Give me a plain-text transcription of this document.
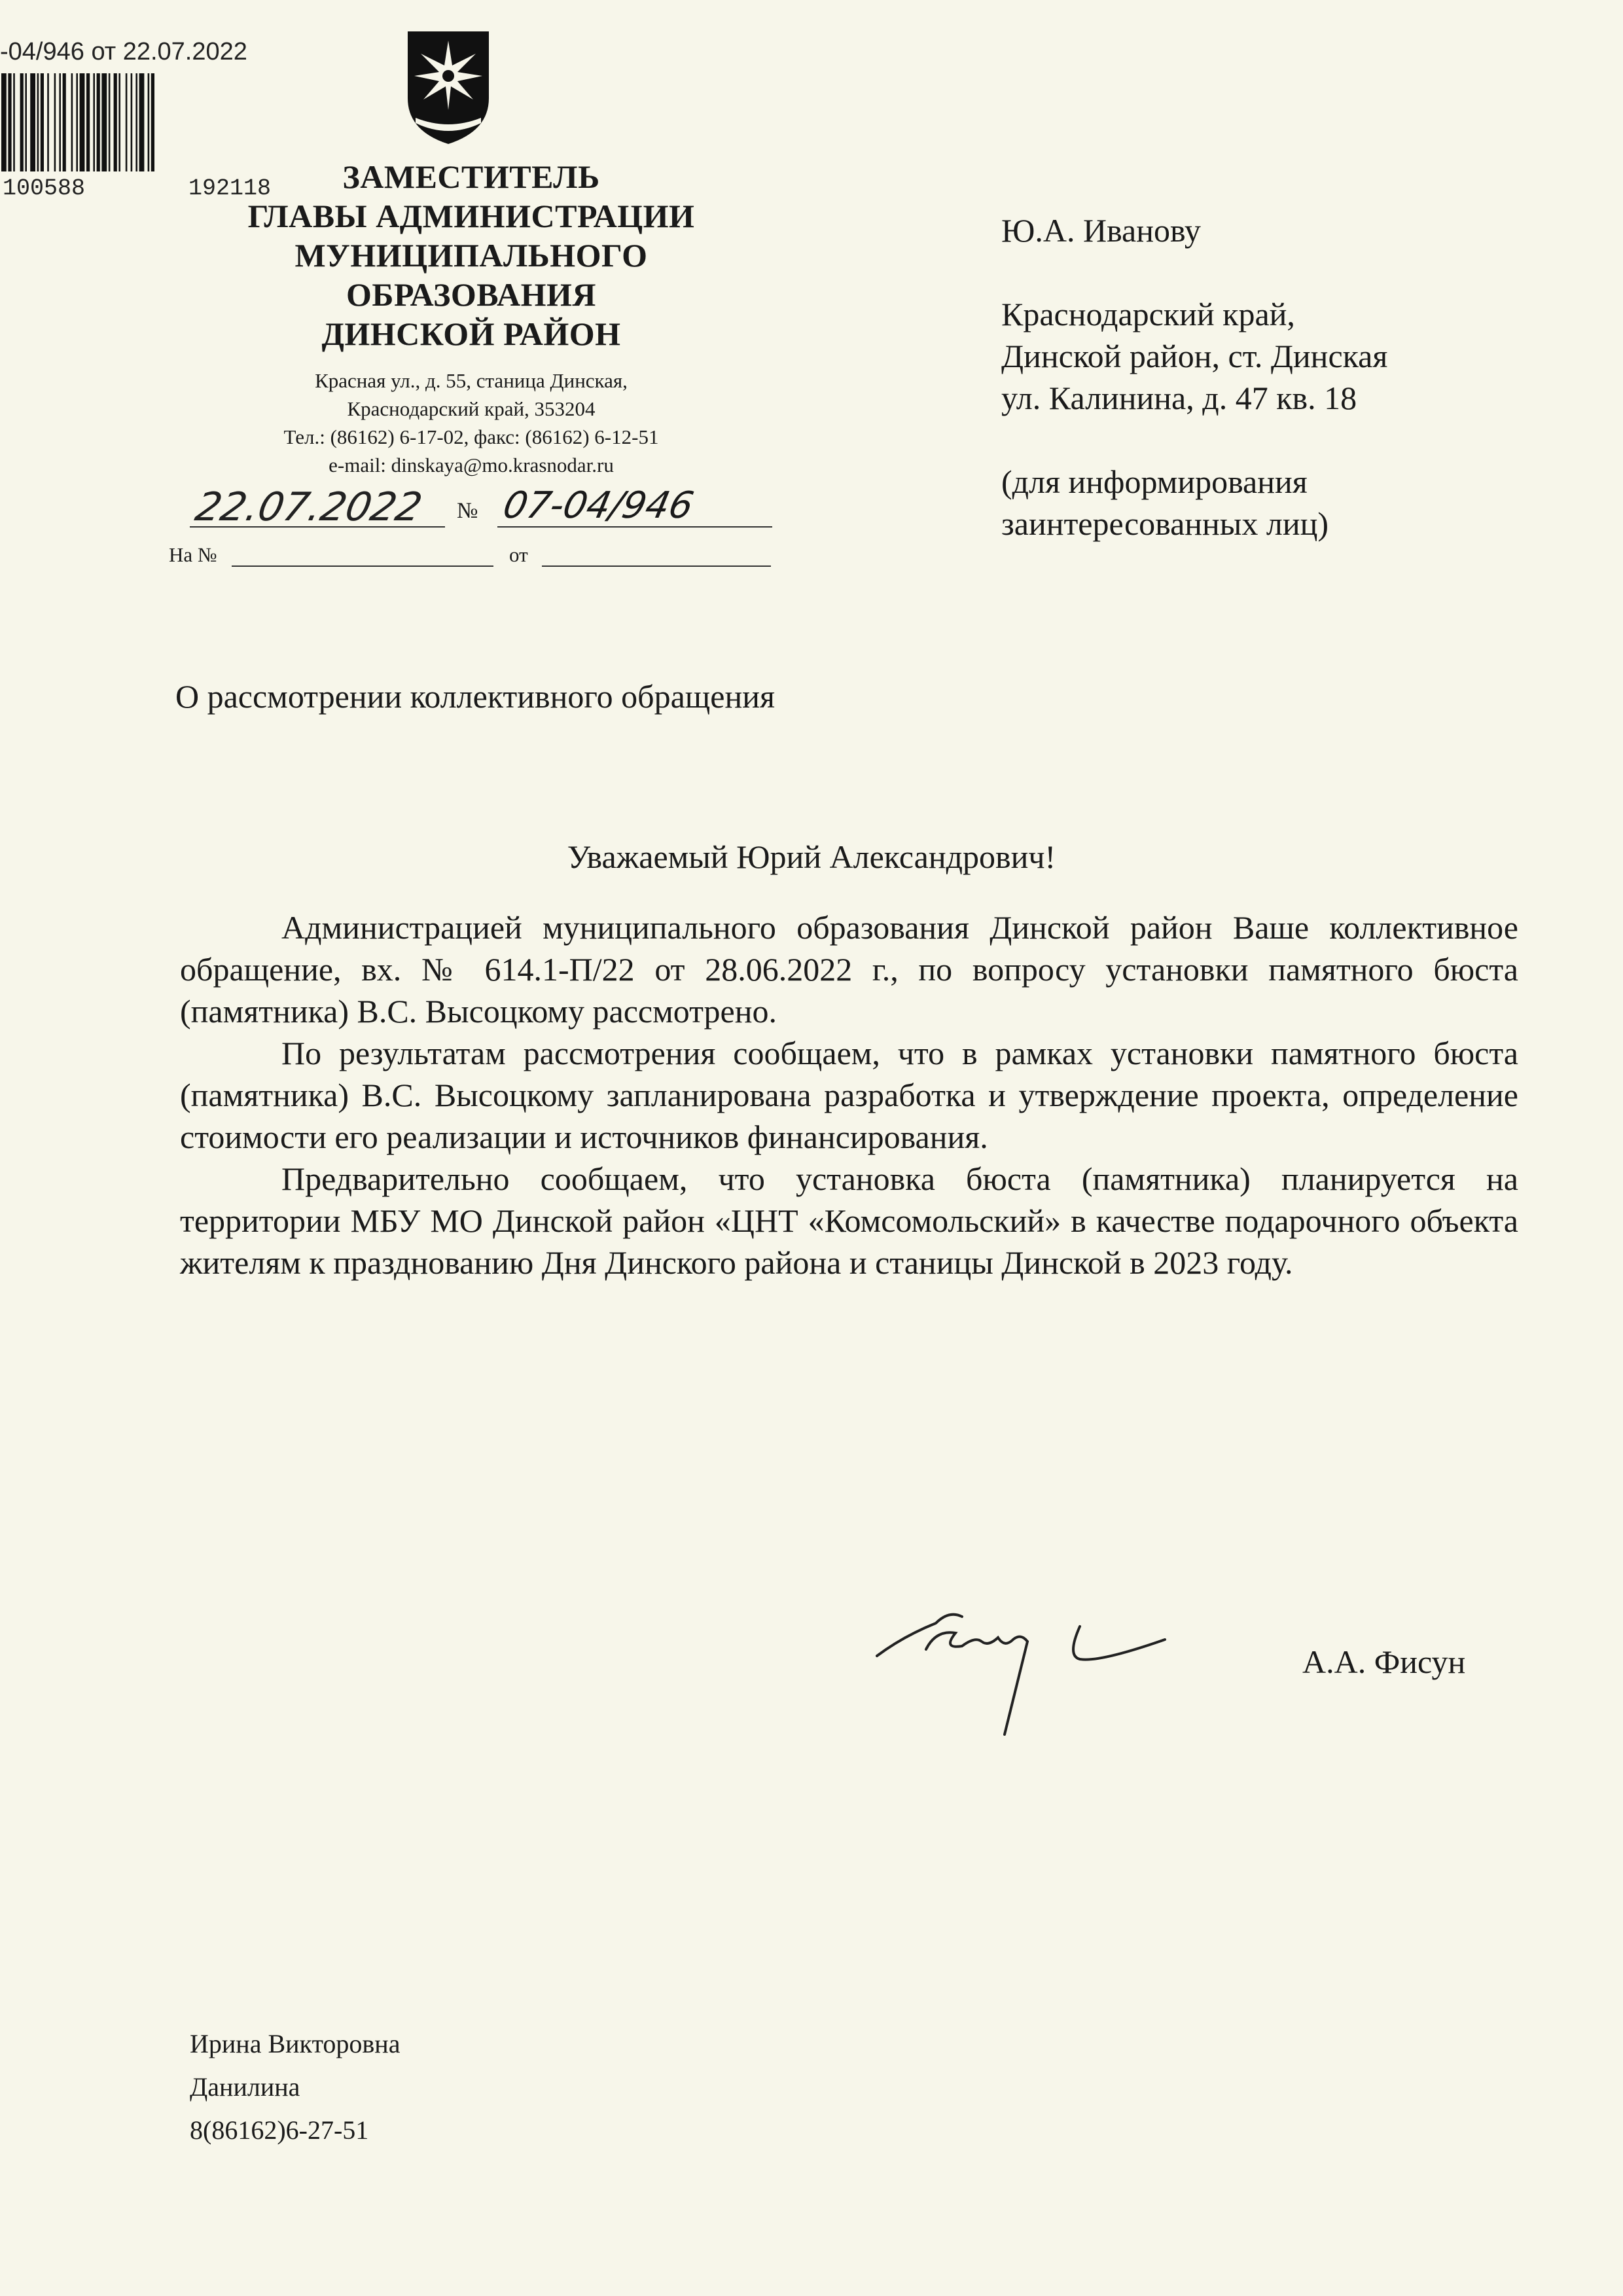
-04/946 от 22.07.2022
100588	192118	ЗАМЕСТИТЕЛЬ
ГЛАВЫ АДМИНИСТРАЦИИ
МУНИЦИПАЛЬНОГО
ОБРАЗОВАНИЯ
ДИНСКОЙ РАЙОН
Красная ул., д. 55, станица Динская,
Краснодарский край, 353204
Тел.: (86162) 6-17-02, факс: (86162) 6-12-51
e-mail: dinskaya@mo.krasnodar.ru
22.07.2022 № 07-04/946
На №	от
Ю.А. Иванову
Краснодарский край,
Динской район, ст. Динская
ул. Калинина, д. 47 кв. 18
(для информирования
заинтересованных лиц)
О рассмотрении коллективного обращения
Уважаемый Юрий Александрович!

Администрацией муниципального образования Динской район Ваше коллективное обращение, вх. № 614.1-П/22 от 28.06.2022 г., по вопросу установки памятного бюста (памятника) В.С. Высоцкому рассмотрено.

По результатам рассмотрения сообщаем, что в рамках установки памятного бюста (памятника) В.С. Высоцкому запланирована разработка и утверждение проекта, определение стоимости его реализации и источников финансирования.

Предварительно сообщаем, что установка бюста (памятника) планируется на территории МБУ МО Динской район «ЦНТ «Комсомольский» в качестве подарочного объекта жителям к празднованию Дня Динского района и станицы Динской в 2023 году.

А.А. Фисун
Ирина Викторовна
Данилина
8(86162)6-27-51
